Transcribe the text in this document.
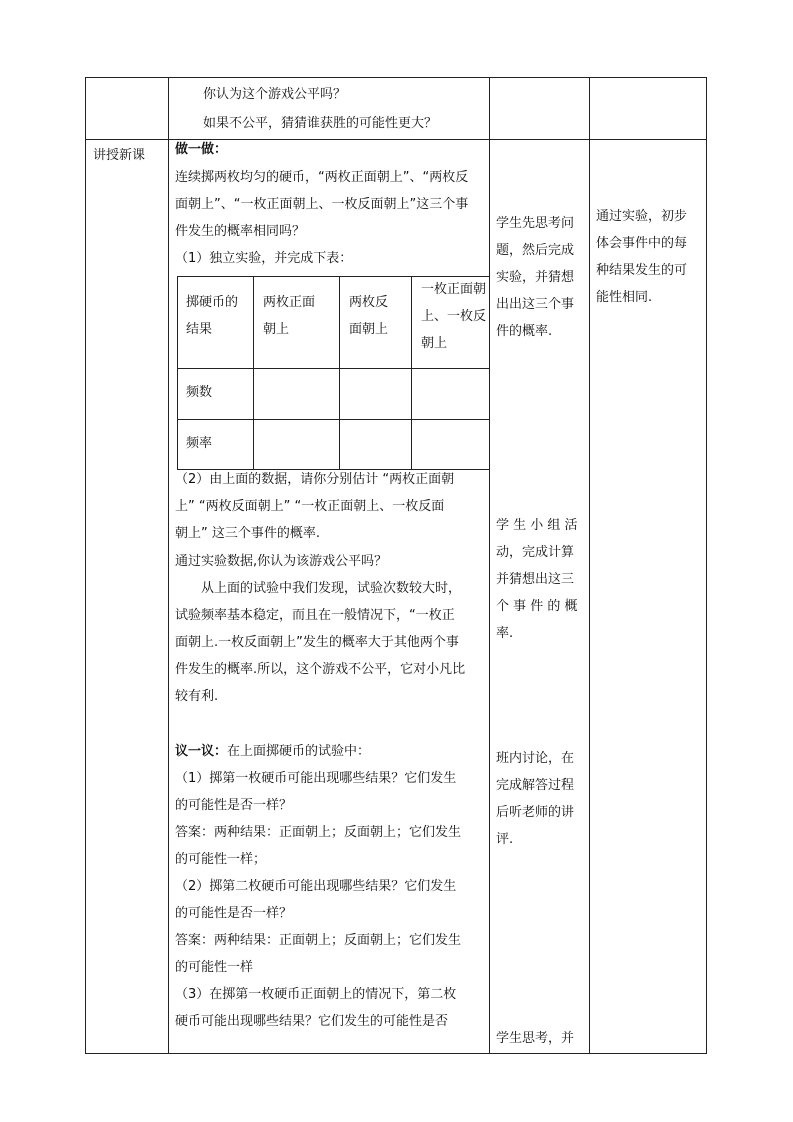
你认为这个游戏公平吗？

如果不公平，猜猜谁获胜的可能性更大？

讲授新课 做一做：

连续掷两枚均匀的硬币，“两枚正面朝上”、“两枚反
面朝上”、“一枚正面朝上、一枚反面朝上”这三个事
件发生的概率相同吗？

（1）独立实验，并完成下表：

掷硬币的
结果
两枚正面
朝上
两枚反
面朝上
一枚正面朝
上、一枚反
朝上
频数
频率
（2）由上面的数据，请你分别估计 “两枚正面朝
上” “两枚反面朝上” “一枚正面朝上、一枚反面
朝上” 这三个事件的概率.

通过实验数据,你认为该游戏公平吗？

　　从上面的试验中我们发现，试验次数较大时，
试验频率基本稳定，而且在一般情况下，“一枚正
面朝上.一枚反面朝上”发生的概率大于其他两个事
件发生的概率.所以，这个游戏不公平，它对小凡比
较有利.

议一议：在上面掷硬币的试验中：

（1）掷第一枚硬币可能出现哪些结果？它们发生
的可能性是否一样？
答案：两种结果：正面朝上；反面朝上；它们发生
的可能性一样；
（2）掷第二枚硬币可能出现哪些结果？它们发生
的可能性是否一样？
答案：两种结果：正面朝上；反面朝上；它们发生
的可能性一样
（3）在掷第一枚硬币正面朝上的情况下，第二枚
硬币可能出现哪些结果？它们发生的可能性是否
学生先思考问
题，然后完成
实验，并猜想
出出这三个事
件的概率.
学 生 小 组 活
动，完成计算
并猜想出这三
个 事 件 的 概
率.
班内讨论，在
完成解答过程
后听老师的讲
评.

学生思考，并

通过实验，初步
体会事件中的每
种结果发生的可
能性相同.
